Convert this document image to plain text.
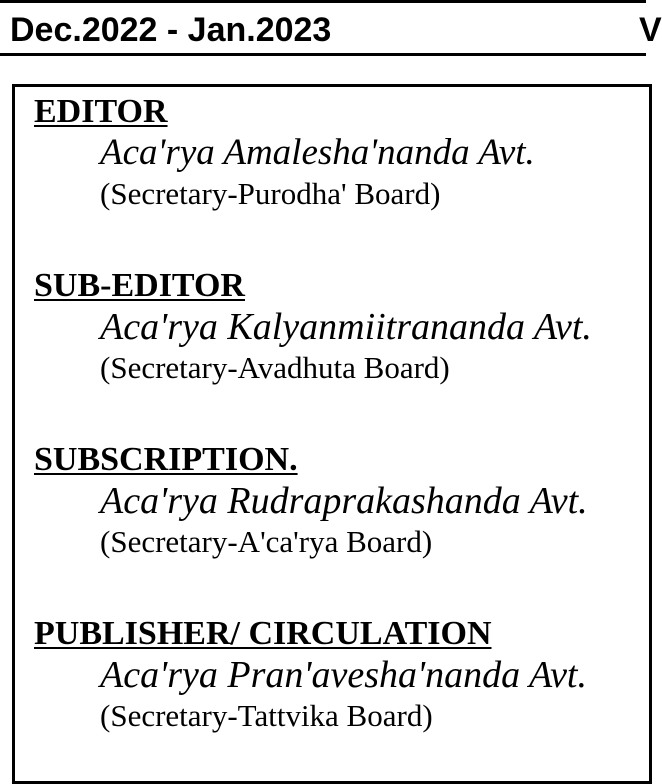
Dec.2022 - Jan.2023	V
EDITOR
Aca'rya Amalesha'nanda Avt.
(Secretary-Purodha' Board)
SUB-EDITOR
Aca'rya Kalyanmiitrananda Avt.
(Secretary-Avadhuta Board)
SUBSCRIPTION.
Aca'rya Rudraprakashanda Avt.
(Secretary-A'ca'rya Board)
PUBLISHER/ CIRCULATION
Aca'rya Pran'avesha'nanda Avt.
(Secretary-Tattvika Board)
